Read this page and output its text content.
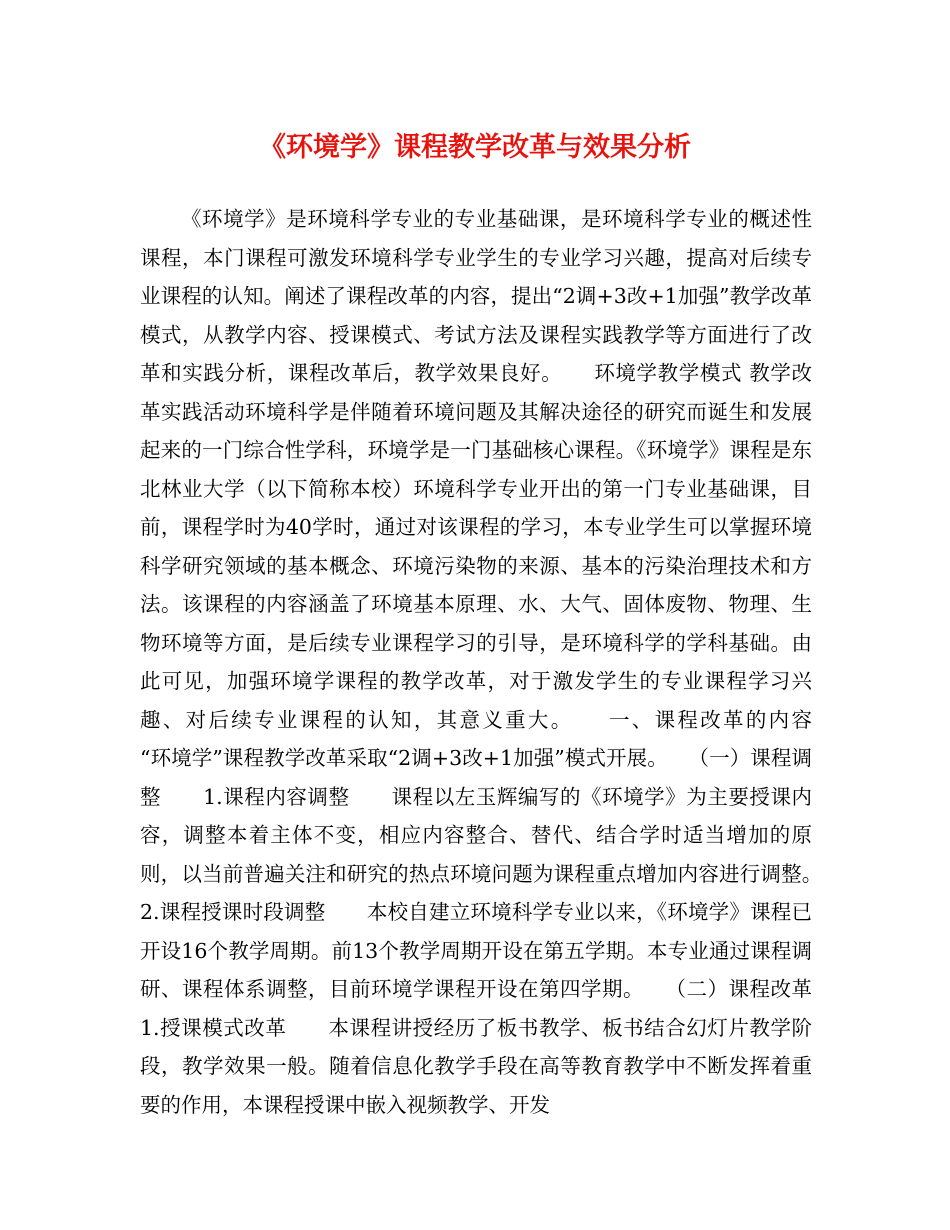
《环境学》课程教学改革与效果分析

《环境学》是环境科学专业的专业基础课，是环境科学专业的概述性课程，本门课程可激发环境科学专业学生的专业学习兴趣，提高对后续专业课程的认知。阐述了课程改革的内容，提出“2调+3改+1加强”教学改革模式，从教学内容、授课模式、考试方法及课程实践教学等方面进行了改革和实践分析，课程改革后，教学效果良好。　　环境学教学模式 教学改革实践活动环境科学是伴随着环境问题及其解决途径的研究而诞生和发展起来的一门综合性学科，环境学是一门基础核心课程。《环境学》课程是东北林业大学（以下简称本校）环境科学专业开出的第一门专业基础课，目前，课程学时为40学时，通过对该课程的学习，本专业学生可以掌握环境科学研究领域的基本概念、环境污染物的来源、基本的污染治理技术和方法。该课程的内容涵盖了环境基本原理、水、大气、固体废物、物理、生物环境等方面，是后续专业课程学习的引导，是环境科学的学科基础。由此可见，加强环境学课程的教学改革，对于激发学生的专业课程学习兴趣、对后续专业课程的认知，其意义重大。　　一、课程改革的内容　　“环境学”课程教学改革采取“2调+3改+1加强”模式开展。　　（一）课程调整　　1.课程内容调整　　课程以左玉辉编写的《环境学》为主要授课内容，调整本着主体不变，相应内容整合、替代、结合学时适当增加的原则，以当前普遍关注和研究的热点环境问题为课程重点增加内容进行调整。　　2.课程授课时段调整　　本校自建立环境科学专业以来，《环境学》课程已开设16个教学周期。前13个教学周期开设在第五学期。本专业通过课程调研、课程体系调整，目前环境学课程开设在第四学期。　　（二）课程改革　　1.授课模式改革　　本课程讲授经历了板书教学、板书结合幻灯片教学阶段，教学效果一般。随着信息化教学手段在高等教育教学中不断发挥着重要的作用，本课程授课中嵌入视频教学、开发
